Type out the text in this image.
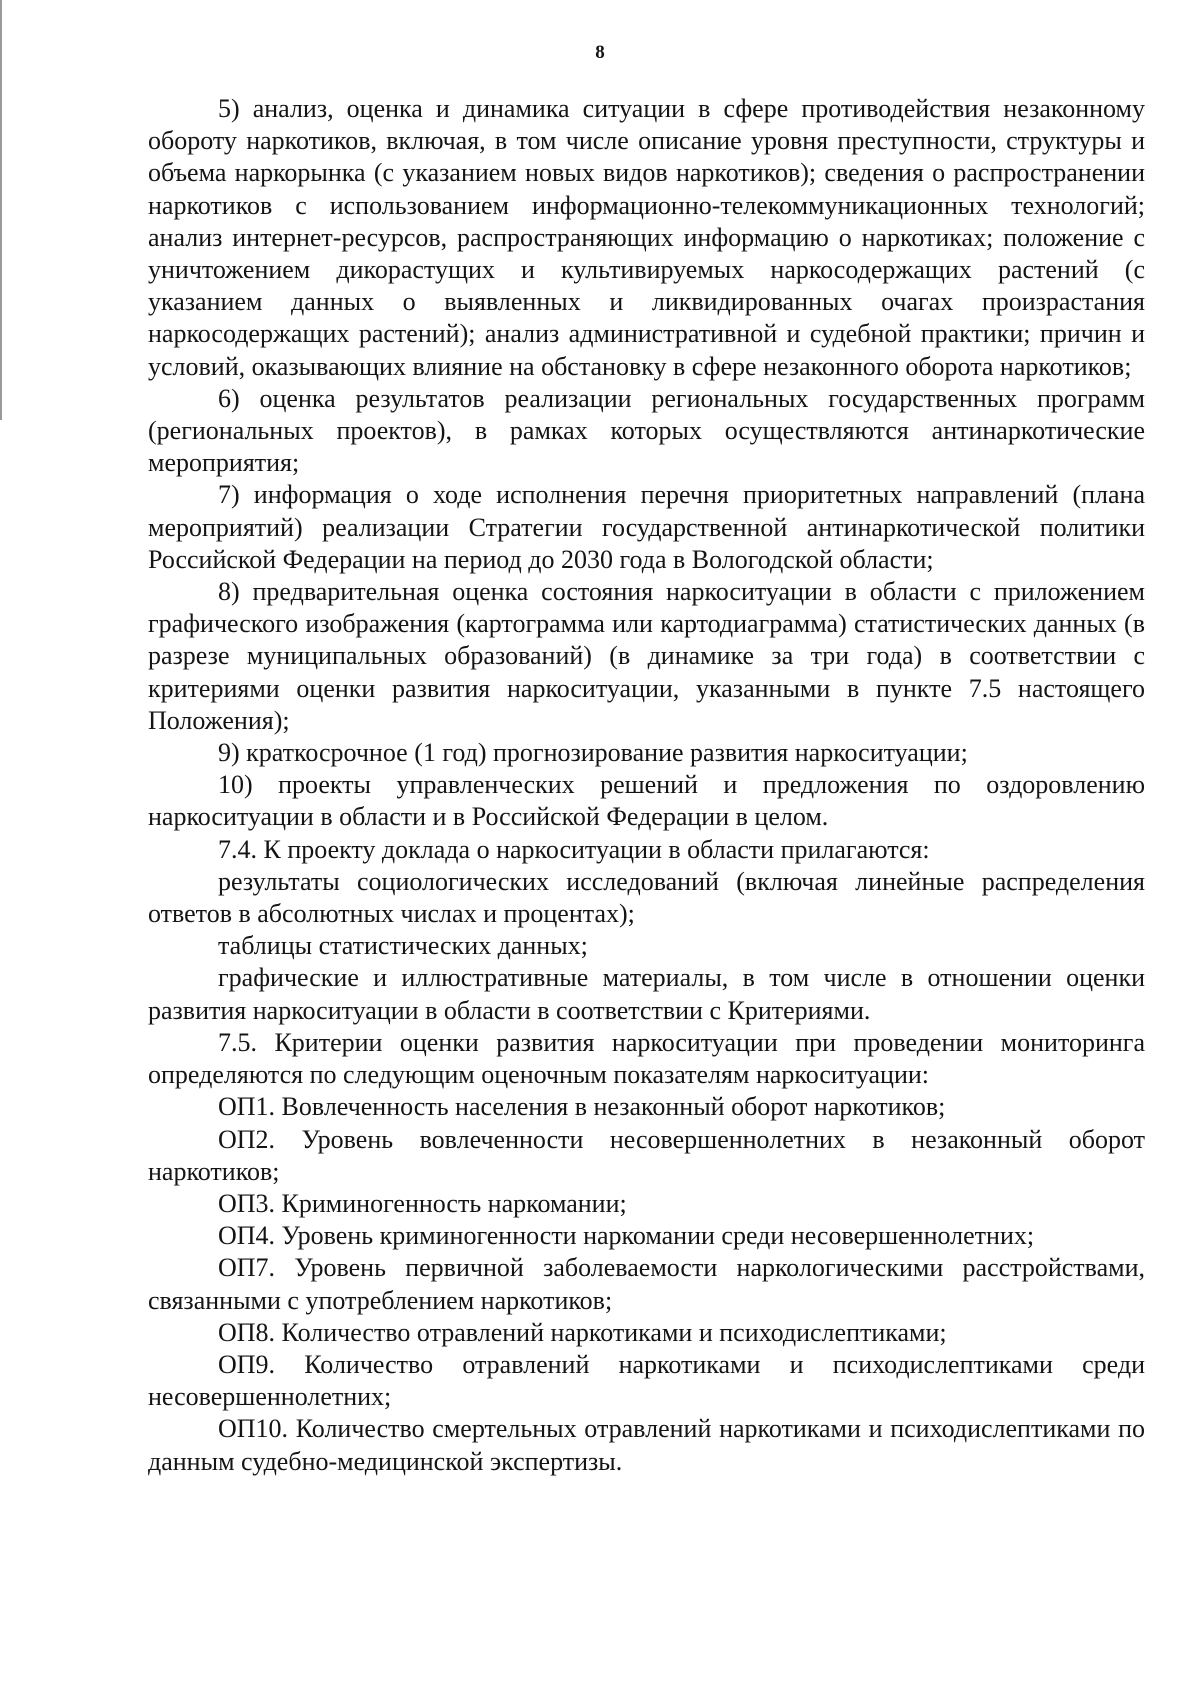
8

5) анализ, оценка и динамика ситуации в сфере противодействия незаконному обороту наркотиков, включая, в том числе описание уровня преступности, структуры и объема наркорынка (с указанием новых видов наркотиков); сведения о распространении наркотиков с использованием информационно-телекоммуникационных технологий; анализ интернет-ресурсов, распространяющих информацию о наркотиках; положение с уничтожением дикорастущих и культивируемых наркосодержащих растений (с указанием данных о выявленных и ликвидированных очагах произрастания наркосодержащих растений); анализ административной и судебной практики; причин и условий, оказывающих влияние на обстановку в сфере незаконного оборота наркотиков;

6) оценка результатов реализации региональных государственных программ (региональных проектов), в рамках которых осуществляются антинаркотические мероприятия;

7) информация о ходе исполнения перечня приоритетных направлений (плана мероприятий) реализации Стратегии государственной антинаркотической политики Российской Федерации на период до 2030 года в Вологодской области;

8) предварительная оценка состояния наркоситуации в области с приложением графического изображения (картограмма или картодиаграмма) статистических данных (в разрезе муниципальных образований) (в динамике за три года) в соответствии с критериями оценки развития наркоситуации, указанными в пункте 7.5 настоящего Положения);

9) краткосрочное (1 год) прогнозирование развития наркоситуации;

10) проекты управленческих решений и предложения по оздоровлению наркоситуации в области и в Российской Федерации в целом.

7.4. К проекту доклада о наркоситуации в области прилагаются:

результаты социологических исследований (включая линейные распределения ответов в абсолютных числах и процентах);

таблицы статистических данных;

графические и иллюстративные материалы, в том числе в отношении оценки развития наркоситуации в области в соответствии с Критериями.

7.5. Критерии оценки развития наркоситуации при проведении мониторинга определяются по следующим оценочным показателям наркоситуации:

ОП1. Вовлеченность населения в незаконный оборот наркотиков;

ОП2. Уровень вовлеченности несовершеннолетних в незаконный оборот наркотиков;

ОП3. Криминогенность наркомании;

ОП4. Уровень криминогенности наркомании среди несовершеннолетних;

ОП7. Уровень первичной заболеваемости наркологическими расстройствами, связанными с употреблением наркотиков;

ОП8. Количество отравлений наркотиками и психодислептиками;

ОП9. Количество отравлений наркотиками и психодислептиками среди несовершеннолетних;

ОП10. Количество смертельных отравлений наркотиками и психодислептиками по данным судебно-медицинской экспертизы.
